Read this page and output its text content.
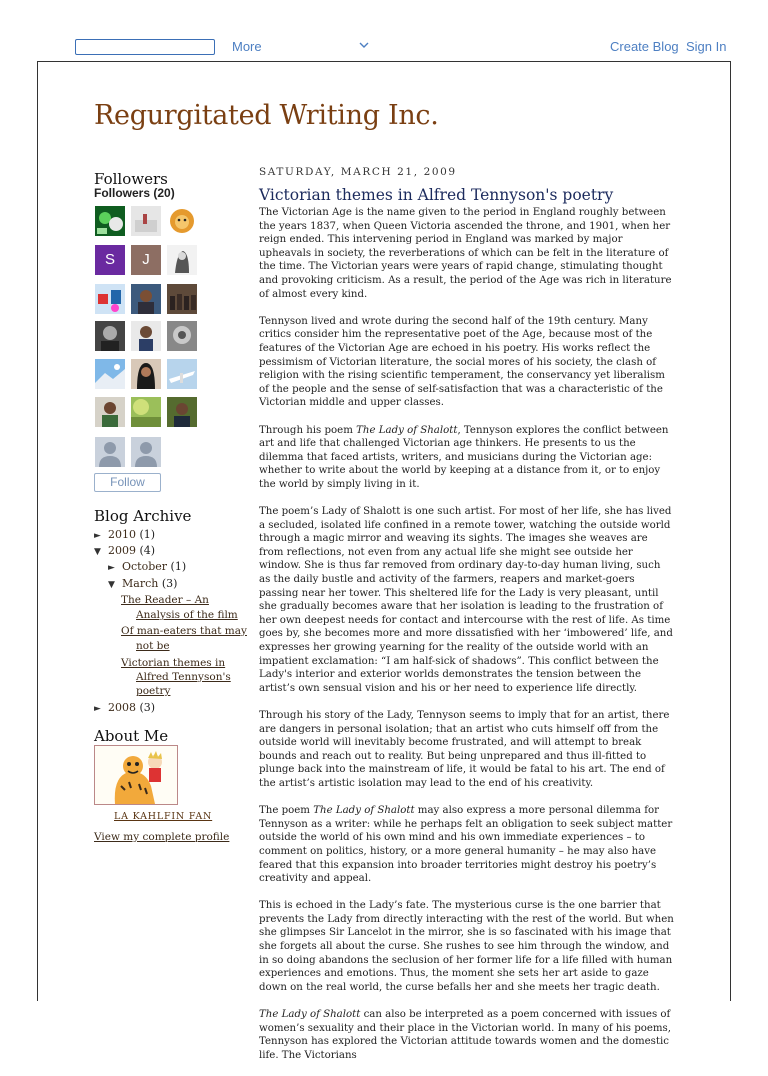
More	Create Blog Sign In
Regurgitated Writing Inc.
Followers
Followers (20)
S	J
Follow
Blog Archive
► 2010 (1)
▼ 2009 (4)
► October (1)
▼ March (3)
The Reader – An
Analysis of the film
Of man-eaters that may
not be
Victorian themes in
Alfred Tennyson's
poetry
► 2008 (3)
About Me
LA KAHLFIN FAN
View my complete profile
SATURDAY, MARCH 21, 2009
Victorian themes in Alfred Tennyson's poetry

The Victorian Age is the name given to the period in England roughly between the years 1837, when Queen Victoria ascended the throne, and 1901, when her reign ended. This intervening period in England was marked by major upheavals in society, the reverberations of which can be felt in the literature of the time. The Victorian years were years of rapid change, stimulating thought and provoking criticism. As a result, the period of the Age was rich in literature of almost every kind.

Tennyson lived and wrote during the second half of the 19th century. Many critics consider him the representative poet of the Age, because most of the features of the Victorian Age are echoed in his poetry. His works reflect the pessimism of Victorian literature, the social mores of his society, the clash of religion with the rising scientific temperament, the conservancy yet liberalism of the people and the sense of self-satisfaction that was a characteristic of the Victorian middle and upper classes.

Through his poem The Lady of Shalott, Tennyson explores the conflict between art and life that challenged Victorian age thinkers. He presents to us the dilemma that faced artists, writers, and musicians during the Victorian age: whether to write about the world by keeping at a distance from it, or to enjoy the world by simply living in it.

The poem’s Lady of Shalott is one such artist. For most of her life, she has lived a secluded, isolated life confined in a remote tower, watching the outside world through a magic mirror and weaving its sights. The images she weaves are from reflections, not even from any actual life she might see outside her window. She is thus far removed from ordinary day-to-day human living, such as the daily bustle and activity of the farmers, reapers and market-goers passing near her tower. This sheltered life for the Lady is very pleasant, until she gradually becomes aware that her isolation is leading to the frustration of her own deepest needs for contact and intercourse with the rest of life. As time goes by, she becomes more and more dissatisfied with her ‘imbowered’ life, and expresses her growing yearning for the reality of the outside world with an impatient exclamation: “I am half-sick of shadows”. This conflict between the Lady's interior and exterior worlds demonstrates the tension between the artist’s own sensual vision and his or her need to experience life directly.

Through his story of the Lady, Tennyson seems to imply that for an artist, there are dangers in personal isolation; that an artist who cuts himself off from the outside world will inevitably become frustrated, and will attempt to break bounds and reach out to reality. But being unprepared and thus ill-fitted to plunge back into the mainstream of life, it would be fatal to his art. The end of the artist’s artistic isolation may lead to the end of his creativity.

The poem The Lady of Shalott may also express a more personal dilemma for Tennyson as a writer: while he perhaps felt an obligation to seek subject matter outside the world of his own mind and his own immediate experiences – to comment on politics, history, or a more general humanity – he may also have feared that this expansion into broader territories might destroy his poetry’s creativity and appeal.

This is echoed in the Lady’s fate. The mysterious curse is the one barrier that prevents the Lady from directly interacting with the rest of the world. But when she glimpses Sir Lancelot in the mirror, she is so fascinated with his image that she forgets all about the curse. She rushes to see him through the window, and in so doing abandons the seclusion of her former life for a life filled with human experiences and emotions. Thus, the moment she sets her art aside to gaze down on the real world, the curse befalls her and she meets her tragic death.

The Lady of Shalott can also be interpreted as a poem concerned with issues of women’s sexuality and their place in the Victorian world. In many of his poems, Tennyson has explored the Victorian attitude towards women and the domestic life. The Victorians
